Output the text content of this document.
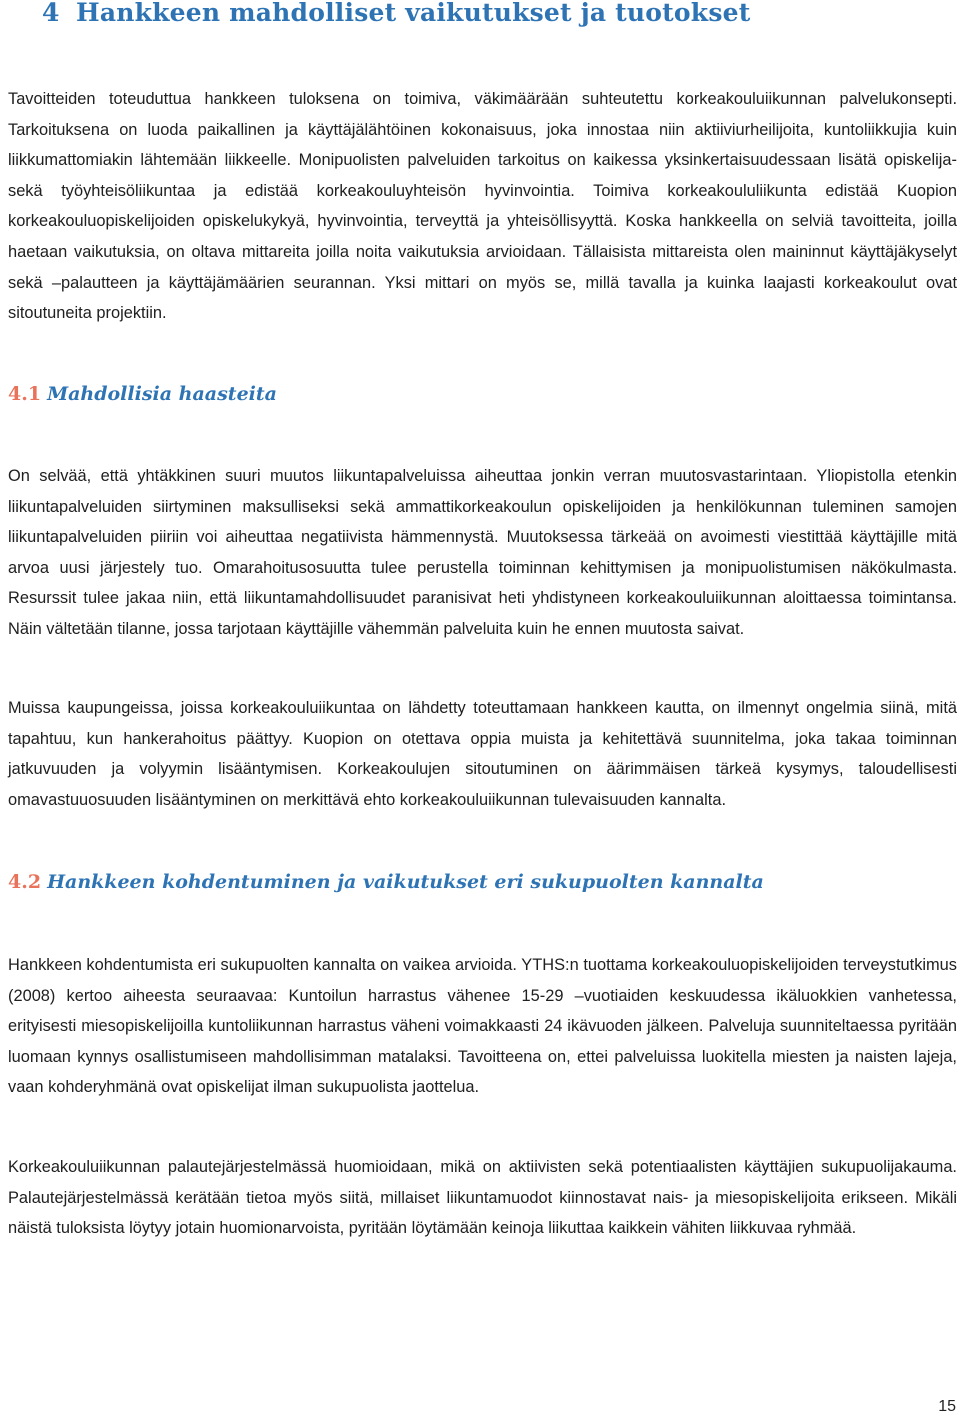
4 Hankkeen mahdolliset vaikutukset ja tuotokset

Tavoitteiden toteuduttua hankkeen tuloksena on toimiva, väkimäärään suhteutettu korkeakouluiikunnan palvelukonsepti. Tarkoituksena on luoda paikallinen ja käyttäjälähtöinen kokonaisuus, joka innostaa niin aktiiviurheilijoita, kuntoliikkujia kuin liikkumattomiakin lähtemään liikkeelle. Monipuolisten palveluiden tarkoitus on kaikessa yksinkertaisuudessaan lisätä opiskelija- sekä työyhteisöliikuntaa ja edistää korkeakouluyhteisön hyvinvointia. Toimiva korkeakoululiikunta edistää Kuopion korkeakouluopiskelijoiden opiskelukykyä, hyvinvointia, terveyttä ja yhteisöllisyyttä. Koska hankkeella on selviä tavoitteita, joilla haetaan vaikutuksia, on oltava mittareita joilla noita vaikutuksia arvioidaan. Tällaisista mittareista olen maininnut käyttäjäkyselyt sekä –palautteen ja käyttäjämäärien seurannan. Yksi mittari on myös se, millä tavalla ja kuinka laajasti korkeakoulut ovat sitoutuneita projektiin.

4.1 Mahdollisia haasteita

On selvää, että yhtäkkinen suuri muutos liikuntapalveluissa aiheuttaa jonkin verran muutosvastarintaan. Yliopistolla etenkin liikuntapalveluiden siirtyminen maksulliseksi sekä ammattikorkeakoulun opiskelijoiden ja henkilökunnan tuleminen samojen liikuntapalveluiden piiriin voi aiheuttaa negatiivista hämmennystä. Muutoksessa tärkeää on avoimesti viestittää käyttäjille mitä arvoa uusi järjestely tuo. Omarahoitusosuutta tulee perustella toiminnan kehittymisen ja monipuolistumisen näkökulmasta. Resurssit tulee jakaa niin, että liikuntamahdollisuudet paranisivat heti yhdistyneen korkeakouluiikunnan aloittaessa toimintansa. Näin vältetään tilanne, jossa tarjotaan käyttäjille vähemmän palveluita kuin he ennen muutosta saivat.

Muissa kaupungeissa, joissa korkeakouluiikuntaa on lähdetty toteuttamaan hankkeen kautta, on ilmennyt ongelmia siinä, mitä tapahtuu, kun hankerahoitus päättyy. Kuopion on otettava oppia muista ja kehitettävä suunnitelma, joka takaa toiminnan jatkuvuuden ja volyymin lisääntymisen. Korkeakoulujen sitoutuminen on äärimmäisen tärkeä kysymys, taloudellisesti omavastuuosuuden lisääntyminen on merkittävä ehto korkeakouluiikunnan tulevaisuuden kannalta.

4.2 Hankkeen kohdentuminen ja vaikutukset eri sukupuolten kannalta

Hankkeen kohdentumista eri sukupuolten kannalta on vaikea arvioida. YTHS:n tuottama korkeakouluopiskelijoiden terveystutkimus (2008) kertoo aiheesta seuraavaa: Kuntoilun harrastus vähenee 15-29 –vuotiaiden keskuudessa ikäluokkien vanhetessa, erityisesti miesopiskelijoilla kuntoliikunnan harrastus väheni voimakkaasti 24 ikävuoden jälkeen. Palveluja suunniteltaessa pyritään luomaan kynnys osallistumiseen mahdollisimman matalaksi. Tavoitteena on, ettei palveluissa luokitella miesten ja naisten lajeja, vaan kohderyhmänä ovat opiskelijat ilman sukupuolista jaottelua.

Korkeakouluiikunnan palautejärjestelmässä huomioidaan, mikä on aktiivisten sekä potentiaalisten käyttäjien sukupuolijakauma. Palautejärjestelmässä kerätään tietoa myös siitä, millaiset liikuntamuodot kiinnostavat nais- ja miesopiskelijoita erikseen. Mikäli näistä tuloksista löytyy jotain huomionarvoista, pyritään löytämään keinoja liikuttaa kaikkein vähiten liikkuvaa ryhmää.

15
